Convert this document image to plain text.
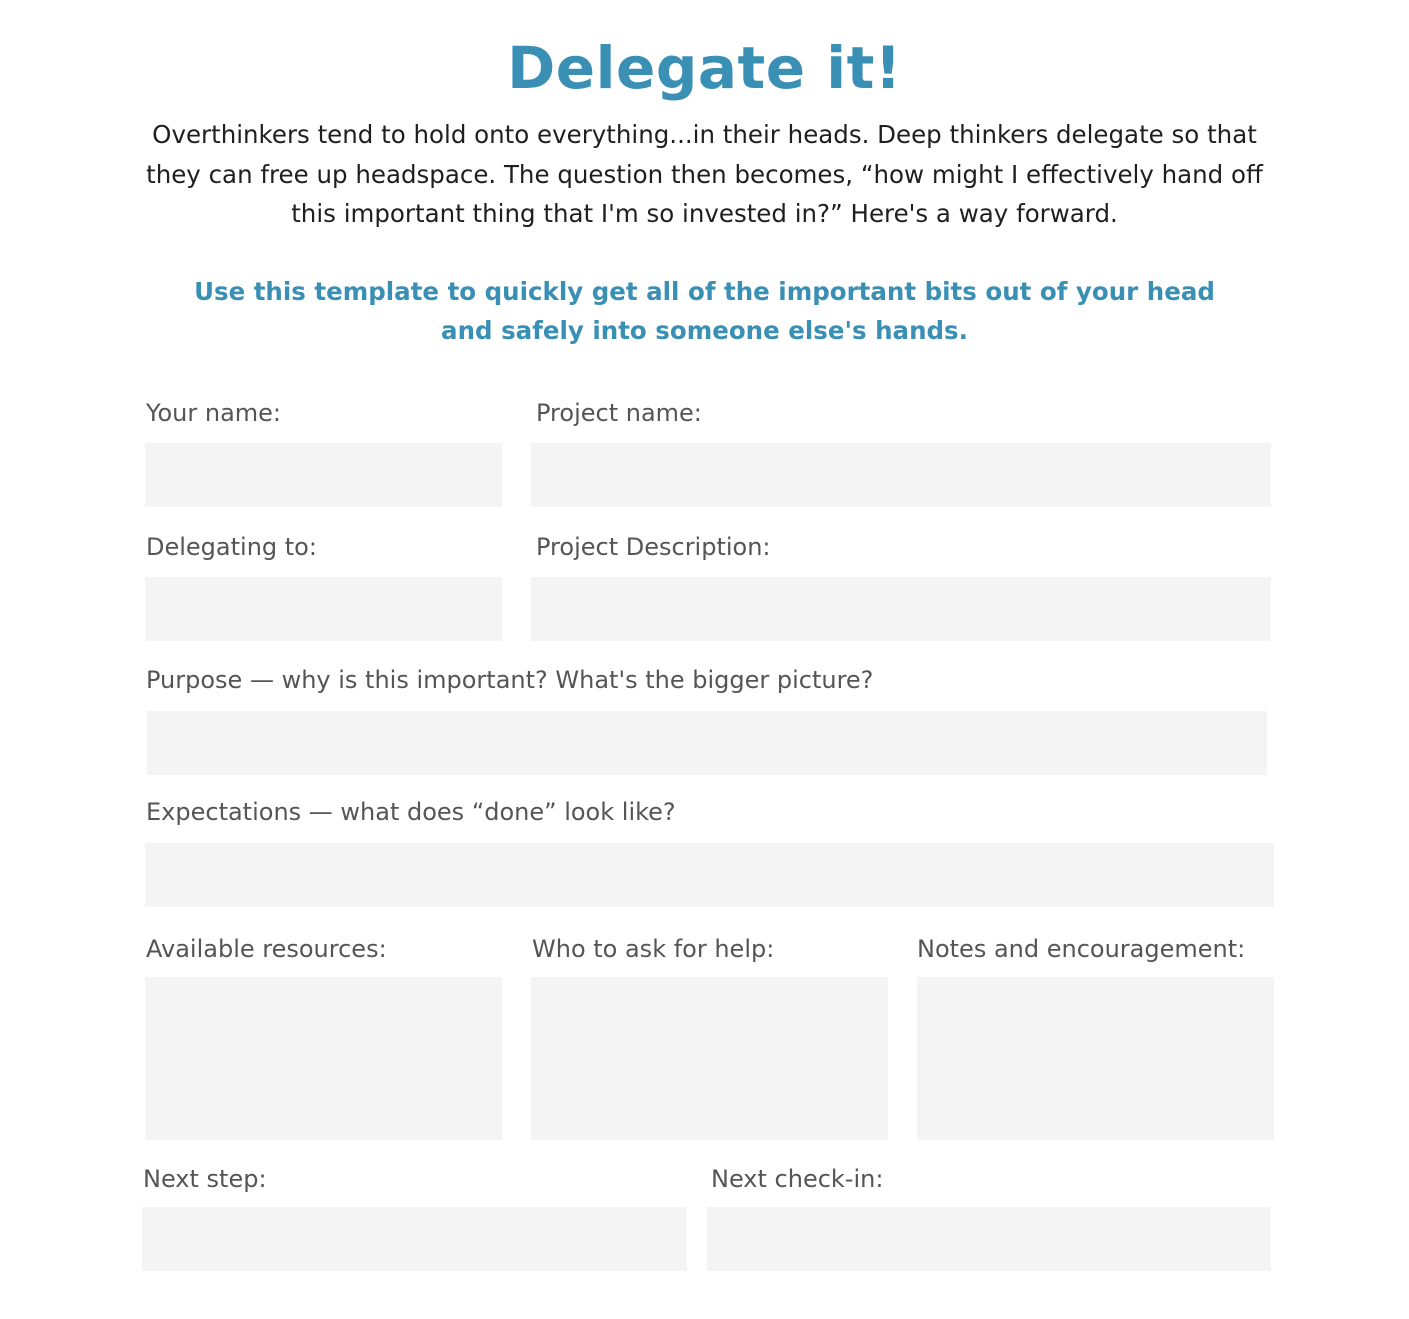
Delegate it!
Overthinkers tend to hold onto everything...in their heads. Deep thinkers delegate so that they can free up headspace. The question then becomes, “how might I effectively hand off this important thing that I'm so invested in?” Here's a way forward.
Use this template to quickly get all of the important bits out of your head and safely into someone else's hands.
Your name:	Project name:
Delegating to:	Project Description:
Purpose — why is this important? What's the bigger picture?
Expectations — what does “done” look like?
Available resources:	Who to ask for help:	Notes and encouragement:
Next step:	Next check-in:
